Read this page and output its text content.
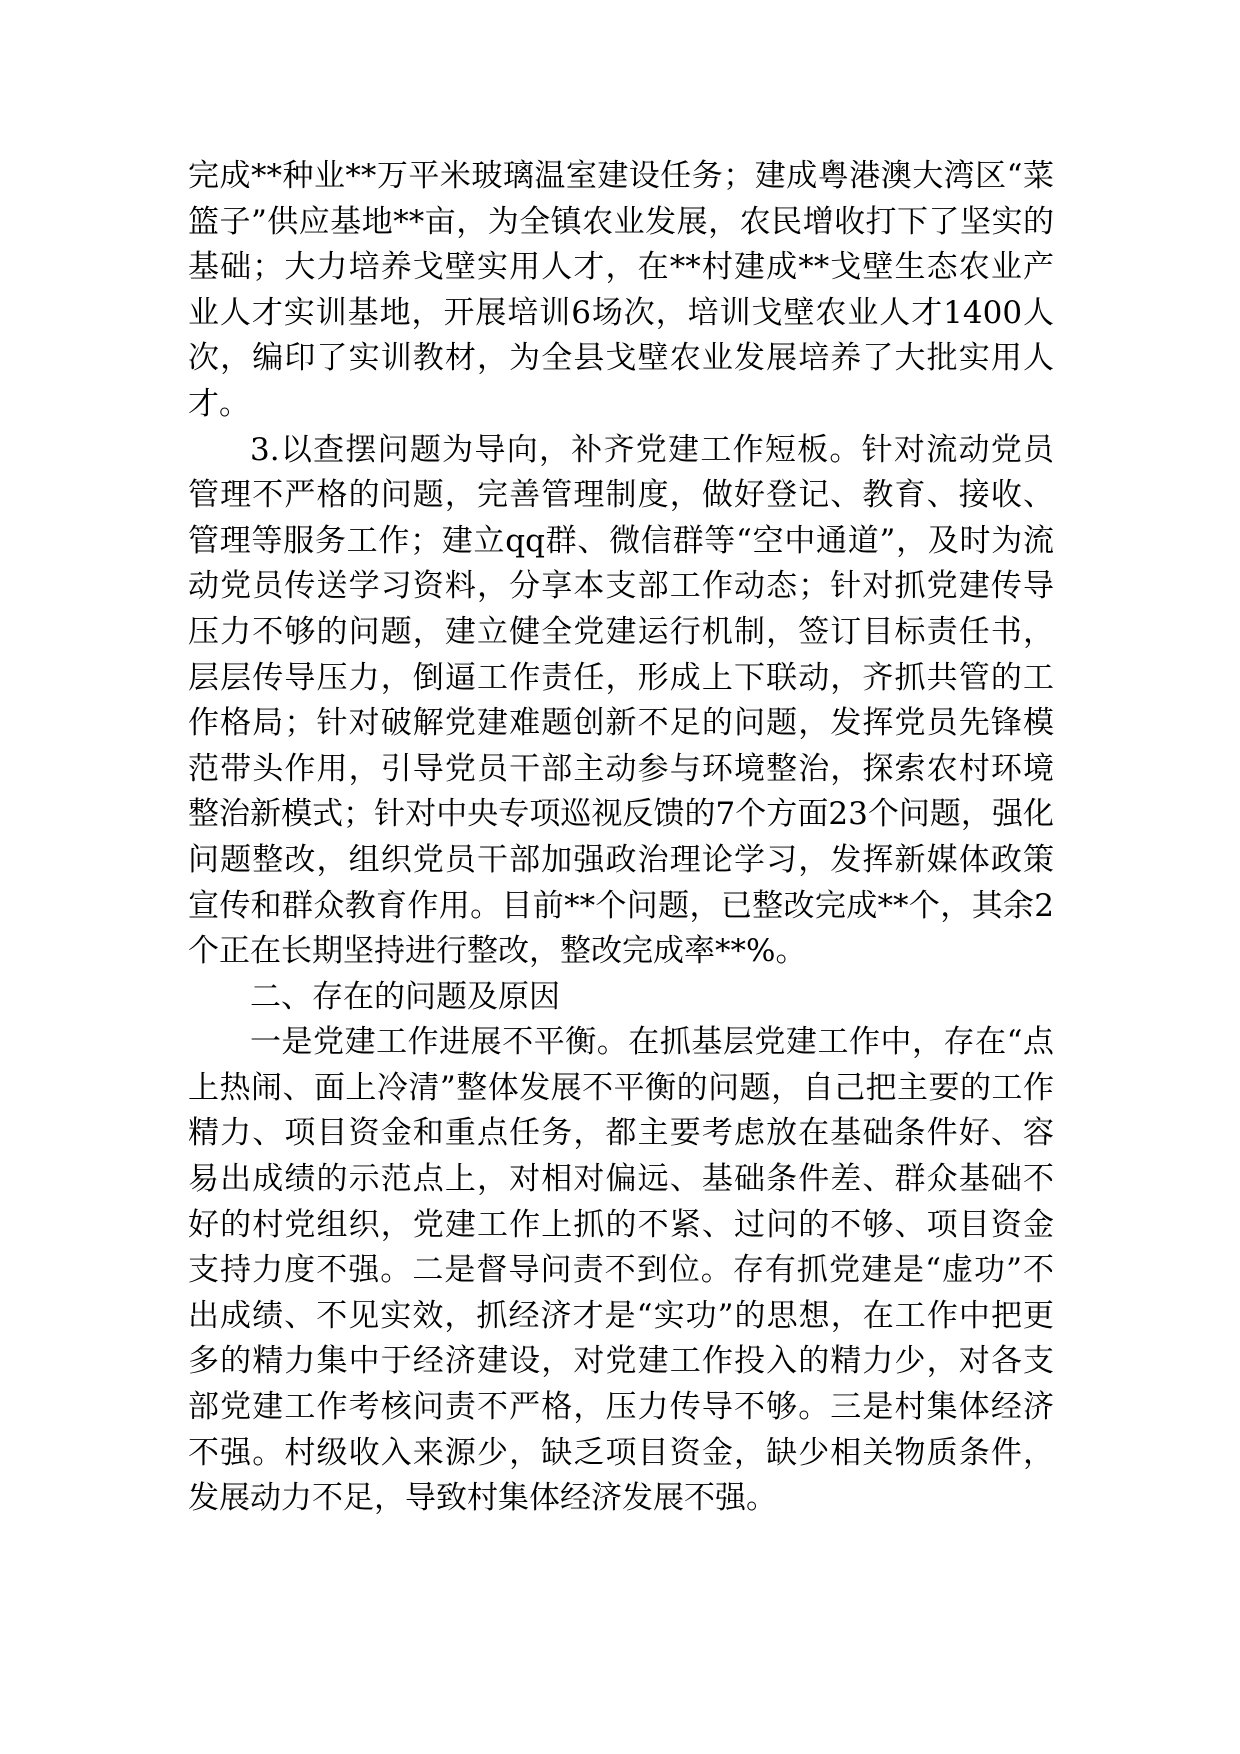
完成**种业**万平米玻璃温室建设任务；建成粤港澳大湾区“菜篮子”供应基地**亩，为全镇农业发展，农民增收打下了坚实的基础；大力培养戈壁实用人才，在**村建成**戈壁生态农业产业人才实训基地，开展培训6场次，培训戈壁农业人才1400人次，编印了实训教材，为全县戈壁农业发展培养了大批实用人才。

3.以查摆问题为导向，补齐党建工作短板。针对流动党员管理不严格的问题，完善管理制度，做好登记、教育、接收、管理等服务工作；建立qq群、微信群等“空中通道”，及时为流动党员传送学习资料，分享本支部工作动态；针对抓党建传导压力不够的问题，建立健全党建运行机制，签订目标责任书，层层传导压力，倒逼工作责任，形成上下联动，齐抓共管的工作格局；针对破解党建难题创新不足的问题，发挥党员先锋模范带头作用，引导党员干部主动参与环境整治，探索农村环境整治新模式；针对中央专项巡视反馈的7个方面23个问题，强化问题整改，组织党员干部加强政治理论学习，发挥新媒体政策宣传和群众教育作用。目前**个问题，已整改完成**个，其余2个正在长期坚持进行整改，整改完成率**%。

二、存在的问题及原因

一是党建工作进展不平衡。在抓基层党建工作中，存在“点上热闹、面上冷清”整体发展不平衡的问题，自己把主要的工作精力、项目资金和重点任务，都主要考虑放在基础条件好、容易出成绩的示范点上，对相对偏远、基础条件差、群众基础不好的村党组织，党建工作上抓的不紧、过问的不够、项目资金支持力度不强。二是督导问责不到位。存有抓党建是“虚功”不出成绩、不见实效，抓经济才是“实功”的思想，在工作中把更多的精力集中于经济建设，对党建工作投入的精力少，对各支部党建工作考核问责不严格，压力传导不够。三是村集体经济不强。村级收入来源少，缺乏项目资金，缺少相关物质条件，发展动力不足，导致村集体经济发展不强。
